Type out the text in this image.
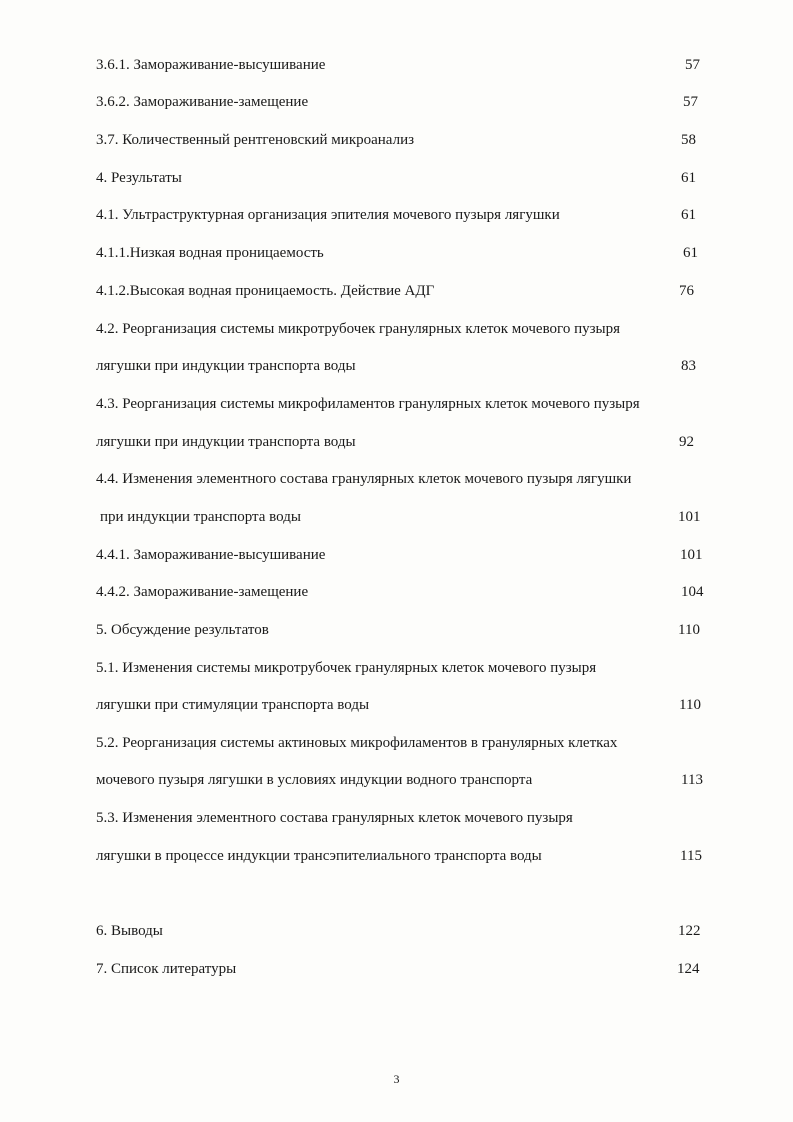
3.6.1. Замораживание-высушивание	57
3.6.2. Замораживание-замещение	57
3.7. Количественный рентгеновский микроанализ	58
4. Результаты	61
4.1. Ультраструктурная организация эпителия мочевого пузыря лягушки	61
4.1.1.Низкая водная проницаемость	61
4.1.2.Высокая водная проницаемость. Действие АДГ	76
4.2. Реорганизация системы микротрубочек гранулярных клеток мочевого пузыря
лягушки при индукции транспорта воды	83
4.3. Реорганизация системы микрофиламентов гранулярных клеток мочевого пузыря
лягушки при индукции транспорта воды	92
4.4. Изменения элементного состава гранулярных клеток мочевого пузыря лягушки
при индукции транспорта воды	101
4.4.1. Замораживание-высушивание	101
4.4.2. Замораживание-замещение	104
5. Обсуждение результатов	110
5.1. Изменения системы микротрубочек гранулярных клеток мочевого пузыря
лягушки при стимуляции транспорта воды	110
5.2. Реорганизация системы актиновых микрофиламентов в гранулярных клетках
мочевого пузыря лягушки в условиях индукции водного транспорта	113
5.3. Изменения элементного состава гранулярных клеток мочевого пузыря
лягушки в процессе индукции трансэпителиального транспорта воды	115
6. Выводы	122
7. Список литературы	124
3
